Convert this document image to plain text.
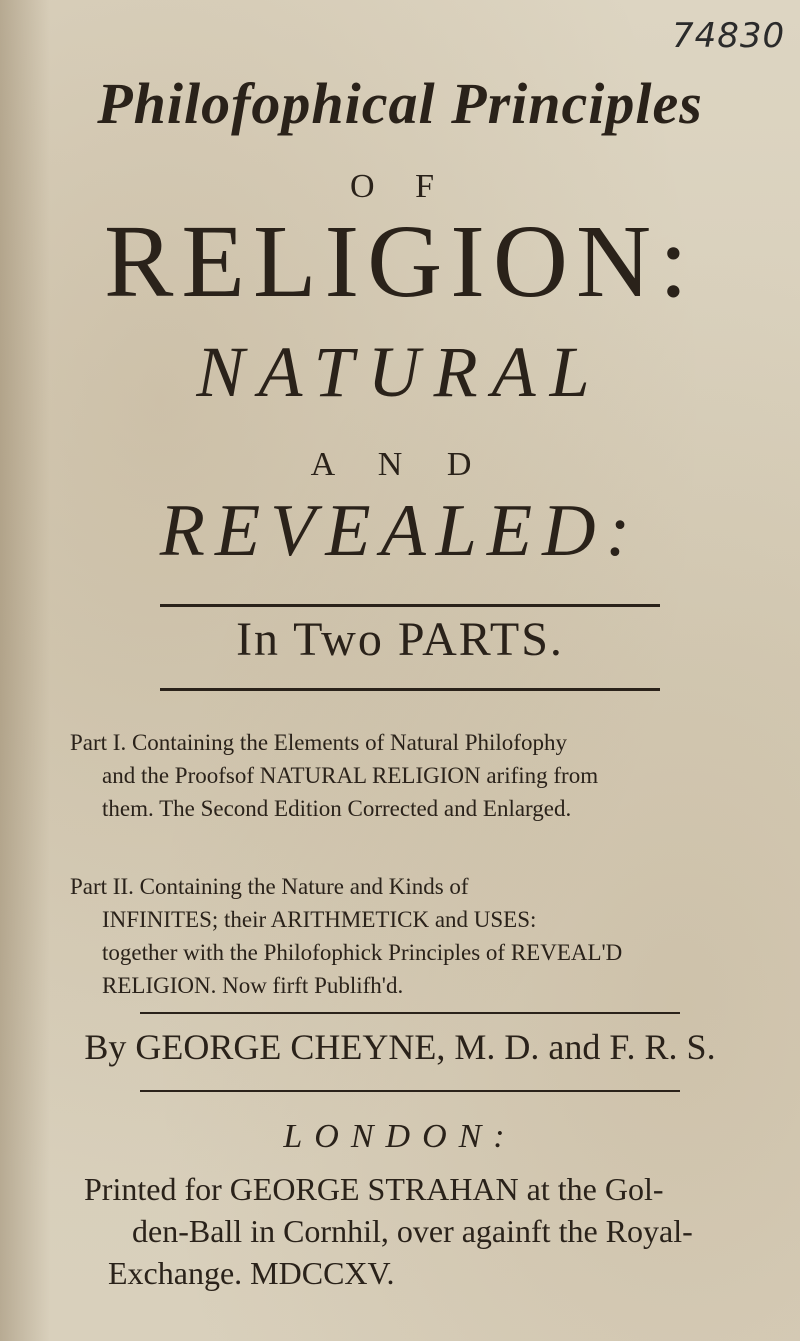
74830
Philofophical Principles
O F
RELIGION:
NATURAL
A N D
REVEALED:
In Two PARTS.
Part I. Containing the Elements of Natural Philofophy
and the Proofsof NATURAL RELIGION arifing from
them. The Second Edition Corrected and Enlarged.
Part II. Containing the Nature and Kinds of
INFINITES; their ARITHMETICK and USES:
together with the Philofophick Principles of REVEAL'D
RELIGION. Now firft Publifh'd.
By GEORGE CHEYNE, M. D. and F. R. S.
LONDON:
Printed for GEORGE STRAHAN at the Gol-
den-Ball in Cornhil, over againft the Royal-
Exchange. MDCCXV.
